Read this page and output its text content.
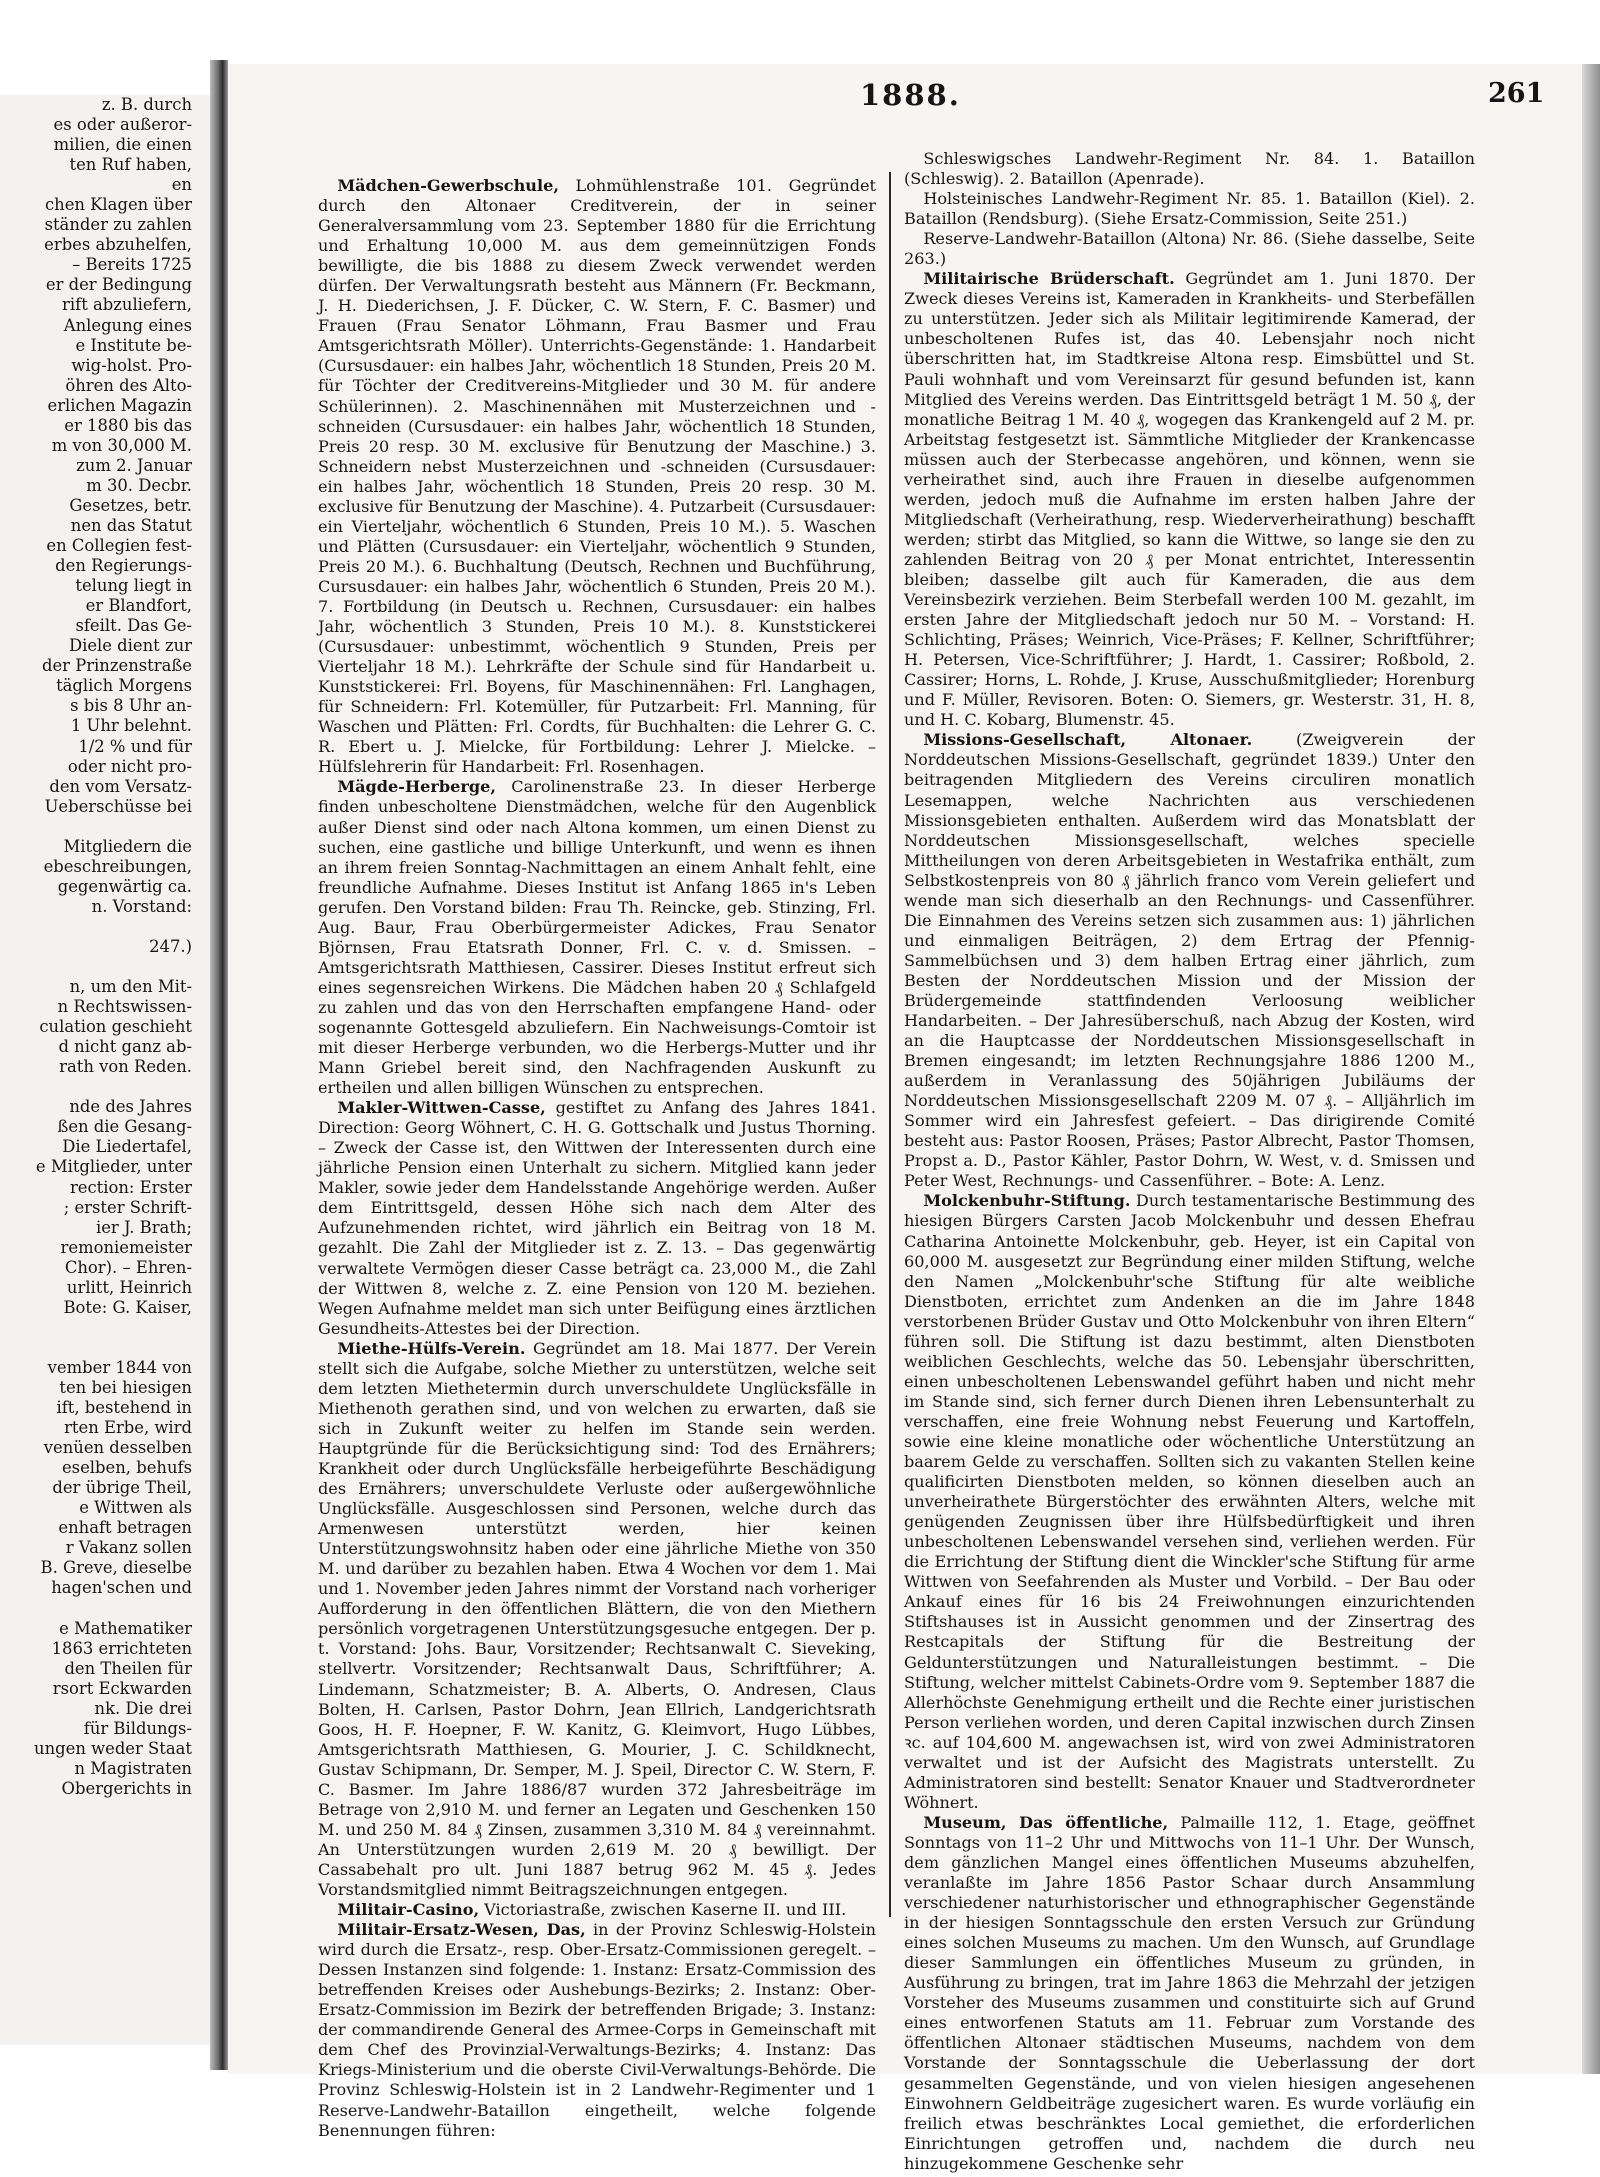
z. B. durch
es oder außeror-
milien, die einen
ten Ruf haben,
en
chen Klagen über
ständer zu zahlen
erbes abzuhelfen,
– Bereits 1725
er der Bedingung
rift abzuliefern,
Anlegung eines
e Institute be-
wig-holst. Pro-
öhren des Alto-
erlichen Magazin
er 1880 bis das
m von 30,000 M.
zum 2. Januar
m 30. Decbr.
Gesetzes, betr.
nen das Statut
en Collegien fest-
den Regierungs-
telung liegt in
er Blandfort,
sfeilt. Das Ge-
Diele dient zur
der Prinzenstraße
täglich Morgens
s bis 8 Uhr an-
1 Uhr belehnt.
1/2 % und für
oder nicht pro-
den vom Versatz-
Ueberschüsse bei

Mitgliedern die
ebeschreibungen,
gegenwärtig ca.
n. Vorstand:

247.)

n, um den Mit-
n Rechtswissen-
culation geschieht
d nicht ganz ab-
rath von Reden.

nde des Jahres
ßen die Gesang-
Die Liedertafel,
e Mitglieder, unter
rection: Erster
; erster Schrift-
ier J. Brath;
remoniemeister
Chor). – Ehren-
urlitt, Heinrich
Bote: G. Kaiser,

vember 1844 von
ten bei hiesigen
ift, bestehend in
rten Erbe, wird
venüen desselben
eselben, behufs
der übrige Theil,
e Wittwen als
enhaft betragen
r Vakanz sollen
B. Greve, dieselbe
hagen'schen und

e Mathematiker
1863 errichteten
den Theilen für
rsort Eckwarden
nk. Die drei
für Bildungs-
ungen weder Staat
n Magistraten
Obergerichts in
1888.	261

Mädchen-Gewerbschule, Lohmühlenstraße 101. Gegründet durch den Altonaer Creditverein, der in seiner Generalversammlung vom 23. September 1880 für die Errichtung und Erhaltung 10,000 M. aus dem gemeinnützigen Fonds bewilligte, die bis 1888 zu diesem Zweck verwendet werden dürfen. Der Verwaltungsrath besteht aus Männern (Fr. Beckmann, J. H. Diederichsen, J. F. Dücker, C. W. Stern, F. C. Basmer) und Frauen (Frau Senator Löhmann, Frau Basmer und Frau Amtsgerichtsrath Möller). Unterrichts-Gegenstände: 1. Handarbeit (Cursusdauer: ein halbes Jahr, wöchentlich 18 Stunden, Preis 20 M. für Töchter der Creditvereins-Mitglieder und 30 M. für andere Schülerinnen). 2. Maschinennähen mit Musterzeichnen und -schneiden (Cursusdauer: ein halbes Jahr, wöchentlich 18 Stunden, Preis 20 resp. 30 M. exclusive für Benutzung der Maschine.) 3. Schneidern nebst Musterzeichnen und -schneiden (Cursusdauer: ein halbes Jahr, wöchentlich 18 Stunden, Preis 20 resp. 30 M. exclusive für Benutzung der Maschine). 4. Putzarbeit (Cursusdauer: ein Vierteljahr, wöchentlich 6 Stunden, Preis 10 M.). 5. Waschen und Plätten (Cursusdauer: ein Vierteljahr, wöchentlich 9 Stunden, Preis 20 M.). 6. Buchhaltung (Deutsch, Rechnen und Buchführung, Cursusdauer: ein halbes Jahr, wöchentlich 6 Stunden, Preis 20 M.). 7. Fortbildung (in Deutsch u. Rechnen, Cursusdauer: ein halbes Jahr, wöchentlich 3 Stunden, Preis 10 M.). 8. Kunststickerei (Cursusdauer: unbestimmt, wöchentlich 9 Stunden, Preis per Vierteljahr 18 M.). Lehrkräfte der Schule sind für Handarbeit u. Kunststickerei: Frl. Boyens, für Maschinennähen: Frl. Langhagen, für Schneidern: Frl. Kotemüller, für Putzarbeit: Frl. Manning, für Waschen und Plätten: Frl. Cordts, für Buchhalten: die Lehrer G. C. R. Ebert u. J. Mielcke, für Fortbildung: Lehrer J. Mielcke. – Hülfslehrerin für Handarbeit: Frl. Rosenhagen.

Mägde-Herberge, Carolinenstraße 23. In dieser Herberge finden unbescholtene Dienstmädchen, welche für den Augenblick außer Dienst sind oder nach Altona kommen, um einen Dienst zu suchen, eine gastliche und billige Unterkunft, und wenn es ihnen an ihrem freien Sonntag-Nachmittagen an einem Anhalt fehlt, eine freundliche Aufnahme. Dieses Institut ist Anfang 1865 in's Leben gerufen. Den Vorstand bilden: Frau Th. Reincke, geb. Stinzing, Frl. Aug. Baur, Frau Oberbürgermeister Adickes, Frau Senator Björnsen, Frau Etatsrath Donner, Frl. C. v. d. Smissen. – Amtsgerichtsrath Matthiesen, Cassirer. Dieses Institut erfreut sich eines segensreichen Wirkens. Die Mädchen haben 20 ₰ Schlafgeld zu zahlen und das von den Herrschaften empfangene Hand- oder sogenannte Gottesgeld abzuliefern. Ein Nachweisungs-Comtoir ist mit dieser Herberge verbunden, wo die Herbergs-Mutter und ihr Mann Griebel bereit sind, den Nachfragenden Auskunft zu ertheilen und allen billigen Wünschen zu entsprechen.

Makler-Wittwen-Casse, gestiftet zu Anfang des Jahres 1841. Direction: Georg Wöhnert, C. H. G. Gottschalk und Justus Thorning. – Zweck der Casse ist, den Wittwen der Interessenten durch eine jährliche Pension einen Unterhalt zu sichern. Mitglied kann jeder Makler, sowie jeder dem Handelsstande Angehörige werden. Außer dem Eintrittsgeld, dessen Höhe sich nach dem Alter des Aufzunehmenden richtet, wird jährlich ein Beitrag von 18 M. gezahlt. Die Zahl der Mitglieder ist z. Z. 13. – Das gegenwärtig verwaltete Vermögen dieser Casse beträgt ca. 23,000 M., die Zahl der Wittwen 8, welche z. Z. eine Pension von 120 M. beziehen. Wegen Aufnahme meldet man sich unter Beifügung eines ärztlichen Gesundheits-Attestes bei der Direction.

Miethe-Hülfs-Verein. Gegründet am 18. Mai 1877. Der Verein stellt sich die Aufgabe, solche Miether zu unterstützen, welche seit dem letzten Miethetermin durch unverschuldete Unglücksfälle in Miethenoth gerathen sind, und von welchen zu erwarten, daß sie sich in Zukunft weiter zu helfen im Stande sein werden. Hauptgründe für die Berücksichtigung sind: Tod des Ernährers; Krankheit oder durch Unglücksfälle herbeigeführte Beschädigung des Ernährers; unverschuldete Verluste oder außergewöhnliche Unglücksfälle. Ausgeschlossen sind Personen, welche durch das Armenwesen unterstützt werden, hier keinen Unterstützungswohnsitz haben oder eine jährliche Miethe von 350 M. und darüber zu bezahlen haben. Etwa 4 Wochen vor dem 1. Mai und 1. November jeden Jahres nimmt der Vorstand nach vorheriger Aufforderung in den öffentlichen Blättern, die von den Miethern persönlich vorgetragenen Unterstützungsgesuche entgegen. Der p. t. Vorstand: Johs. Baur, Vorsitzender; Rechtsanwalt C. Sieveking, stellvertr. Vorsitzender; Rechtsanwalt Daus, Schriftführer; A. Lindemann, Schatzmeister; B. A. Alberts, O. Andresen, Claus Bolten, H. Carlsen, Pastor Dohrn, Jean Ellrich, Landgerichtsrath Goos, H. F. Hoepner, F. W. Kanitz, G. Kleimvort, Hugo Lübbes, Amtsgerichtsrath Matthiesen, G. Mourier, J. C. Schildknecht, Gustav Schipmann, Dr. Semper, M. J. Speil, Director C. W. Stern, F. C. Basmer. Im Jahre 1886/87 wurden 372 Jahresbeiträge im Betrage von 2,910 M. und ferner an Legaten und Geschenken 150 M. und 250 M. 84 ₰ Zinsen, zusammen 3,310 M. 84 ₰ vereinnahmt. An Unterstützungen wurden 2,619 M. 20 ₰ bewilligt. Der Cassabehalt pro ult. Juni 1887 betrug 962 M. 45 ₰. Jedes Vorstandsmitglied nimmt Beitragszeichnungen entgegen.

Militair-Casino, Victoriastraße, zwischen Kaserne II. und III.

Militair-Ersatz-Wesen, Das, in der Provinz Schleswig-Holstein wird durch die Ersatz-, resp. Ober-Ersatz-Commissionen geregelt. – Dessen Instanzen sind folgende: 1. Instanz: Ersatz-Commission des betreffenden Kreises oder Aushebungs-Bezirks; 2. Instanz: Ober-Ersatz-Commission im Bezirk der betreffenden Brigade; 3. Instanz: der commandirende General des Armee-Corps in Gemeinschaft mit dem Chef des Provinzial-Verwaltungs-Bezirks; 4. Instanz: Das Kriegs-Ministerium und die oberste Civil-Verwaltungs-Behörde. Die Provinz Schleswig-Holstein ist in 2 Landwehr-Regimenter und 1 Reserve-Landwehr-Bataillon eingetheilt, welche folgende Benennungen führen:

Schleswigsches Landwehr-Regiment Nr. 84. 1. Bataillon (Schleswig). 2. Bataillon (Apenrade).

Holsteinisches Landwehr-Regiment Nr. 85. 1. Bataillon (Kiel). 2. Bataillon (Rendsburg). (Siehe Ersatz-Commission, Seite 251.)

Reserve-Landwehr-Bataillon (Altona) Nr. 86. (Siehe dasselbe, Seite 263.)

Militairische Brüderschaft. Gegründet am 1. Juni 1870. Der Zweck dieses Vereins ist, Kameraden in Krankheits- und Sterbefällen zu unterstützen. Jeder sich als Militair legitimirende Kamerad, der unbescholtenen Rufes ist, das 40. Lebensjahr noch nicht überschritten hat, im Stadtkreise Altona resp. Eimsbüttel und St. Pauli wohnhaft und vom Vereinsarzt für gesund befunden ist, kann Mitglied des Vereins werden. Das Eintrittsgeld beträgt 1 M. 50 ₰, der monatliche Beitrag 1 M. 40 ₰, wogegen das Krankengeld auf 2 M. pr. Arbeitstag festgesetzt ist. Sämmtliche Mitglieder der Krankencasse müssen auch der Sterbecasse angehören, und können, wenn sie verheirathet sind, auch ihre Frauen in dieselbe aufgenommen werden, jedoch muß die Aufnahme im ersten halben Jahre der Mitgliedschaft (Verheirathung, resp. Wiederverheirathung) beschafft werden; stirbt das Mitglied, so kann die Wittwe, so lange sie den zu zahlenden Beitrag von 20 ₰ per Monat entrichtet, Interessentin bleiben; dasselbe gilt auch für Kameraden, die aus dem Vereinsbezirk verziehen. Beim Sterbefall werden 100 M. gezahlt, im ersten Jahre der Mitgliedschaft jedoch nur 50 M. – Vorstand: H. Schlichting, Präses; Weinrich, Vice-Präses; F. Kellner, Schriftführer; H. Petersen, Vice-Schriftführer; J. Hardt, 1. Cassirer; Roßbold, 2. Cassirer; Horns, L. Rohde, J. Kruse, Ausschußmitglieder; Horenburg und F. Müller, Revisoren. Boten: O. Siemers, gr. Westerstr. 31, H. 8, und H. C. Kobarg, Blumenstr. 45.

Missions-Gesellschaft, Altonaer. (Zweigverein der Norddeutschen Missions-Gesellschaft, gegründet 1839.) Unter den beitragenden Mitgliedern des Vereins circuliren monatlich Lesemappen, welche Nachrichten aus verschiedenen Missionsgebieten enthalten. Außerdem wird das Monatsblatt der Norddeutschen Missionsgesellschaft, welches specielle Mittheilungen von deren Arbeitsgebieten in Westafrika enthält, zum Selbstkostenpreis von 80 ₰ jährlich franco vom Verein geliefert und wende man sich dieserhalb an den Rechnungs- und Cassenführer. Die Einnahmen des Vereins setzen sich zusammen aus: 1) jährlichen und einmaligen Beiträgen, 2) dem Ertrag der Pfennig-Sammelbüchsen und 3) dem halben Ertrag einer jährlich, zum Besten der Norddeutschen Mission und der Mission der Brüdergemeinde stattfindenden Verloosung weiblicher Handarbeiten. – Der Jahresüberschuß, nach Abzug der Kosten, wird an die Hauptcasse der Norddeutschen Missionsgesellschaft in Bremen eingesandt; im letzten Rechnungsjahre 1886 1200 M., außerdem in Veranlassung des 50jährigen Jubiläums der Norddeutschen Missionsgesellschaft 2209 M. 07 ₰. – Alljährlich im Sommer wird ein Jahresfest gefeiert. – Das dirigirende Comité besteht aus: Pastor Roosen, Präses; Pastor Albrecht, Pastor Thomsen, Propst a. D., Pastor Kähler, Pastor Dohrn, W. West, v. d. Smissen und Peter West, Rechnungs- und Cassenführer. – Bote: A. Lenz.

Molckenbuhr-Stiftung. Durch testamentarische Bestimmung des hiesigen Bürgers Carsten Jacob Molckenbuhr und dessen Ehefrau Catharina Antoinette Molckenbuhr, geb. Heyer, ist ein Capital von 60,000 M. ausgesetzt zur Begründung einer milden Stiftung, welche den Namen „Molckenbuhr'sche Stiftung für alte weibliche Dienstboten, errichtet zum Andenken an die im Jahre 1848 verstorbenen Brüder Gustav und Otto Molckenbuhr von ihren Eltern“ führen soll. Die Stiftung ist dazu bestimmt, alten Dienstboten weiblichen Geschlechts, welche das 50. Lebensjahr überschritten, einen unbescholtenen Lebenswandel geführt haben und nicht mehr im Stande sind, sich ferner durch Dienen ihren Lebensunterhalt zu verschaffen, eine freie Wohnung nebst Feuerung und Kartoffeln, sowie eine kleine monatliche oder wöchentliche Unterstützung an baarem Gelde zu verschaffen. Sollten sich zu vakanten Stellen keine qualificirten Dienstboten melden, so können dieselben auch an unverheirathete Bürgerstöchter des erwähnten Alters, welche mit genügenden Zeugnissen über ihre Hülfsbedürftigkeit und ihren unbescholtenen Lebenswandel versehen sind, verliehen werden. Für die Errichtung der Stiftung dient die Winckler'sche Stiftung für arme Wittwen von Seefahrenden als Muster und Vorbild. – Der Bau oder Ankauf eines für 16 bis 24 Freiwohnungen einzurichtenden Stiftshauses ist in Aussicht genommen und der Zinsertrag des Restcapitals der Stiftung für die Bestreitung der Geldunterstützungen und Naturalleistungen bestimmt. – Die Stiftung, welcher mittelst Cabinets-Ordre vom 9. September 1887 die Allerhöchste Genehmigung ertheilt und die Rechte einer juristischen Person verliehen worden, und deren Capital inzwischen durch Zinsen ꝛc. auf 104,600 M. angewachsen ist, wird von zwei Administratoren verwaltet und ist der Aufsicht des Magistrats unterstellt. Zu Administratoren sind bestellt: Senator Knauer und Stadtverordneter Wöhnert.

Museum, Das öffentliche, Palmaille 112, 1. Etage, geöffnet Sonntags von 11–2 Uhr und Mittwochs von 11–1 Uhr. Der Wunsch, dem gänzlichen Mangel eines öffentlichen Museums abzuhelfen, veranlaßte im Jahre 1856 Pastor Schaar durch Ansammlung verschiedener naturhistorischer und ethnographischer Gegenstände in der hiesigen Sonntagsschule den ersten Versuch zur Gründung eines solchen Museums zu machen. Um den Wunsch, auf Grundlage dieser Sammlungen ein öffentliches Museum zu gründen, in Ausführung zu bringen, trat im Jahre 1863 die Mehrzahl der jetzigen Vorsteher des Museums zusammen und constituirte sich auf Grund eines entworfenen Statuts am 11. Februar zum Vorstande des öffentlichen Altonaer städtischen Museums, nachdem von dem Vorstande der Sonntagsschule die Ueberlassung der dort gesammelten Gegenstände, und von vielen hiesigen angesehenen Einwohnern Geldbeiträge zugesichert waren. Es wurde vorläufig ein freilich etwas beschränktes Local gemiethet, die erforderlichen Einrichtungen getroffen und, nachdem die durch neu hinzugekommene Geschenke sehr
